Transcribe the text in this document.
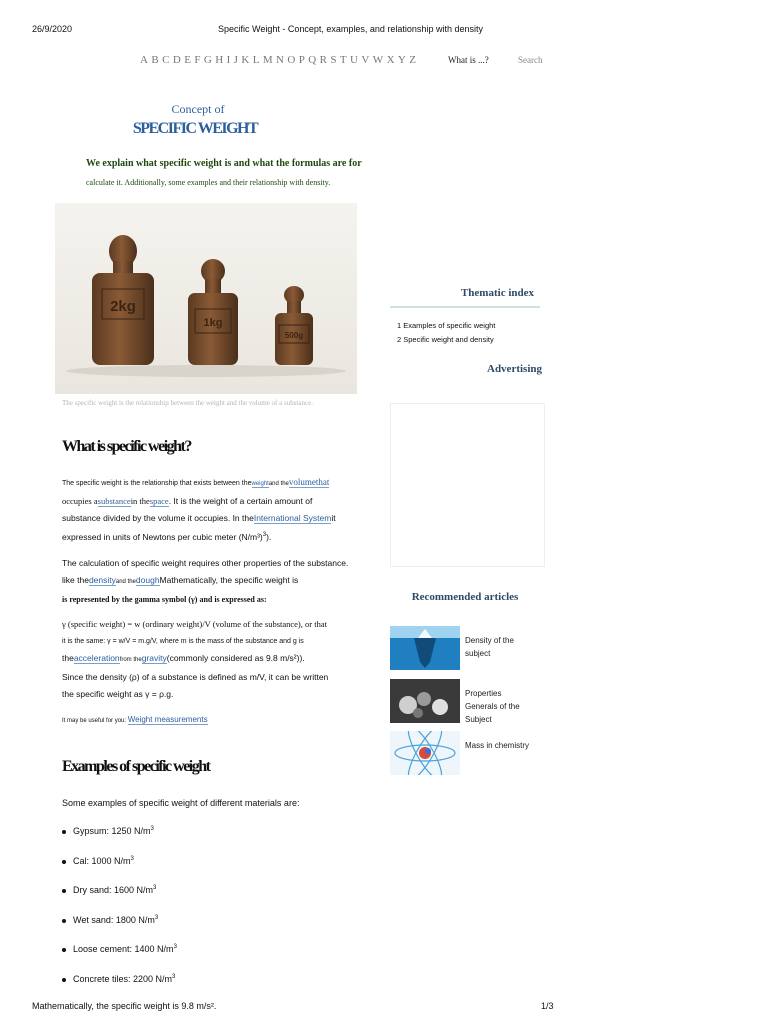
26/9/2020	Specific Weight - Concept, examples, and relationship with density
ABCDEFGHIJKLMNOPQRSTUVWXYZ	What is ...?	Search
Concept of
SPECIFIC WEIGHT
We explain what specific weight is and what the formulas are for
calculate it. Additionally, some examples and their relationship with density.
2kg
1kg
500g
The specific weight is the relationship between the weight and the volume of a substance.
What is specific weight?
The specific weight is the relationship that exists between theweightand thevolumethat
occupies asubstancein thespace. It is the weight of a certain amount of
substance divided by the volume it occupies. In theInternational Systemit
expressed in units of Newtons per cubic meter $(N/m^3)^3$).
The calculation of specific weight requires other properties of the substance.
like thedensityand thedoughMathematically, the specific weight is
is represented by the gamma symbol (γ) and is expressed as:
γ (specific weight) = w (ordinary weight)/V (volume of the substance), or that
it is the same: γ = w/V = m.g/V, where m is the mass of the substance and g is
theaccelerationfrom thegravity(commonly considered as 9.8 m/s²)).
Since the density (ρ) of a substance is defined as m/V, it can be written
the specific weight as γ = ρ.g.
It may be useful for you: Weight measurements
Examples of specific weight
Some examples of specific weight of different materials are:
Gypsum: 1250 $N/m^3$
Cal: 1000 $N/m^3$
Dry sand: 1600 $N/m^3$
Wet sand: 1800 $N/m^3$
Loose cement: 1400 $N/m^3$
Concrete tiles: 2200 $N/m^3$
Thematic index
1 Examples of specific weight
2 Specific weight and density
Advertising
Recommended articles
Density of the
subject
Properties
Generals of the
Subject
Mass in chemistry
Mathematically, the specific weight is 9.8 m/s².	1/3
